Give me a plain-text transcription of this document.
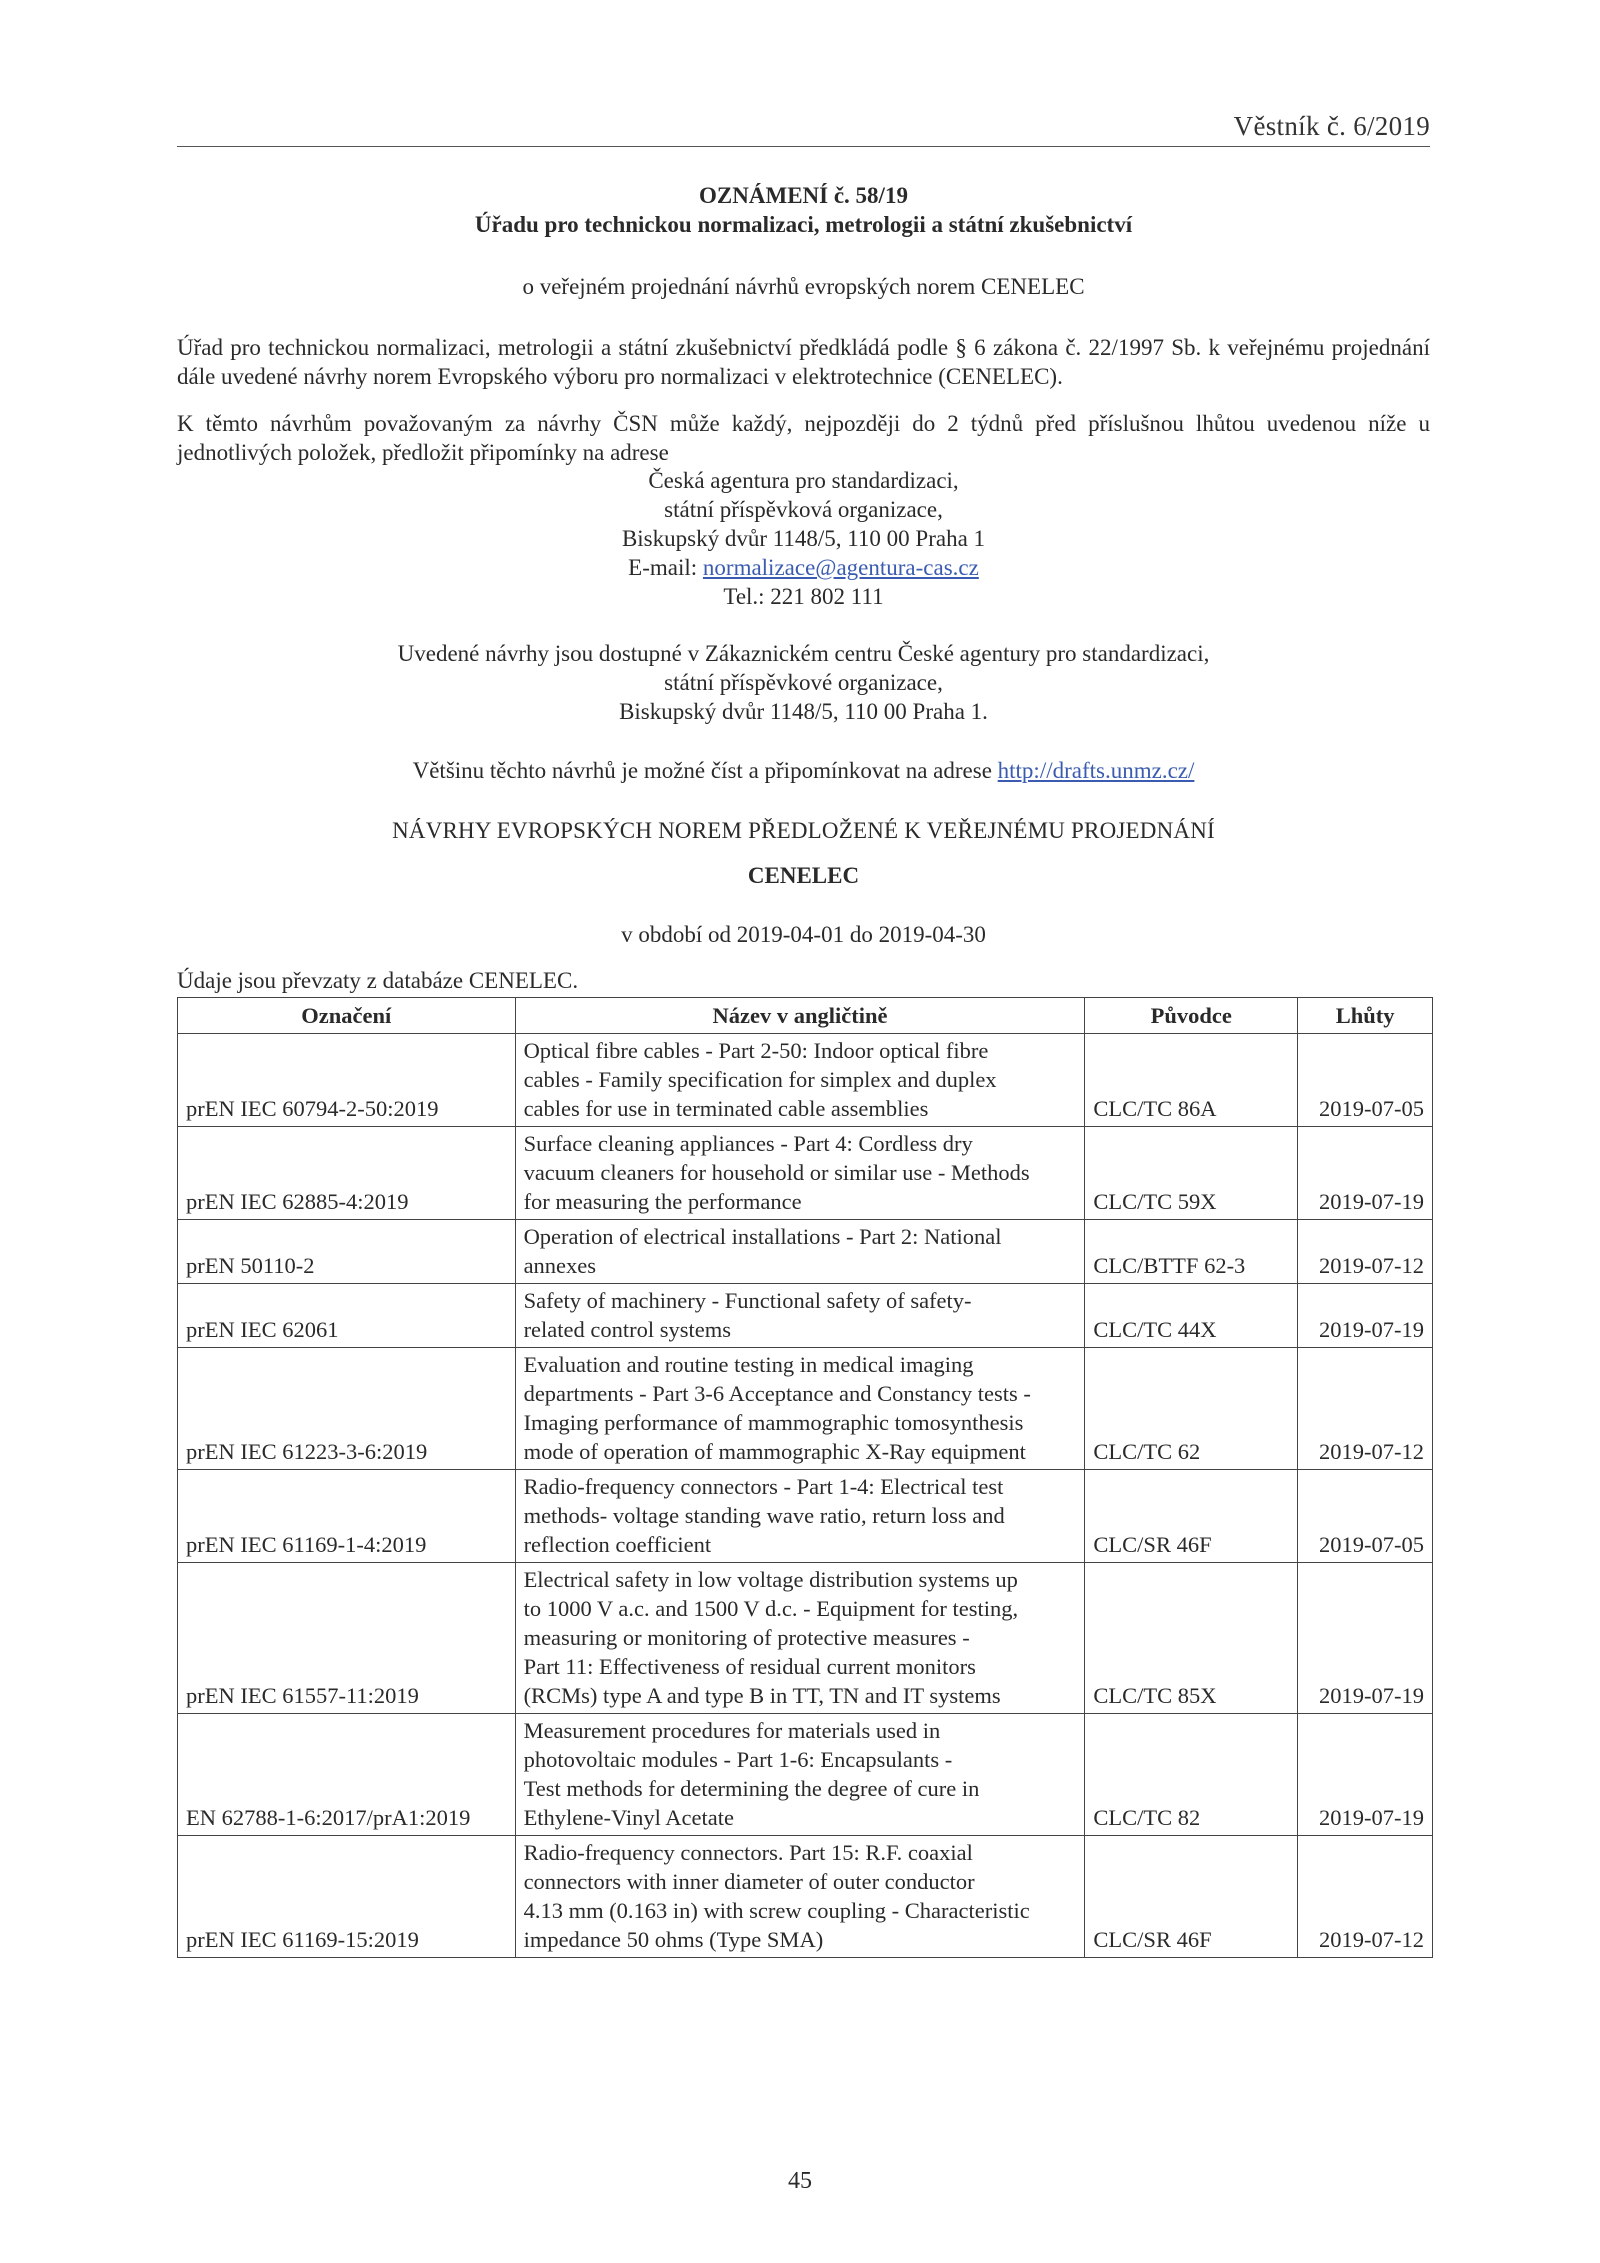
Věstník č. 6/2019
OZNÁMENÍ č. 58/19
Úřadu pro technickou normalizaci, metrologii a státní zkušebnictví
o veřejném projednání návrhů evropských norem CENELEC
Úřad pro technickou normalizaci, metrologii a státní zkušebnictví předkládá podle § 6 zákona č. 22/1997 Sb. k veřejnému projednání dále uvedené návrhy norem Evropského výboru pro normalizaci v elektrotechnice (CENELEC).
K těmto návrhům považovaným za návrhy ČSN může každý, nejpozději do 2 týdnů před příslušnou lhůtou uvedenou níže u jednotlivých položek, předložit připomínky na adrese
Česká agentura pro standardizaci,
státní příspěvková organizace,
Biskupský dvůr 1148/5, 110 00 Praha 1
E-mail: normalizace@agentura-cas.cz
Tel.: 221 802 111
Uvedené návrhy jsou dostupné v Zákaznickém centru České agentury pro standardizaci,
státní příspěvkové organizace,
Biskupský dvůr 1148/5, 110 00 Praha 1.
Většinu těchto návrhů je možné číst a připomínkovat na adrese http://drafts.unmz.cz/
NÁVRHY EVROPSKÝCH NOREM PŘEDLOŽENÉ K VEŘEJNÉMU PROJEDNÁNÍ
CENELEC
v období od 2019-04-01 do 2019-04-30
Údaje jsou převzaty z databáze CENELEC.
Označení	Název v angličtině	Původce	Lhůty
prEN IEC 60794-2-50:2019	Optical fibre cables - Part 2-50: Indoor optical fibre
cables - Family specification for simplex and duplex
cables for use in terminated cable assemblies	CLC/TC 86A	2019-07-05
prEN IEC 62885-4:2019	Surface cleaning appliances - Part 4: Cordless dry
vacuum cleaners for household or similar use - Methods
for measuring the performance	CLC/TC 59X	2019-07-19
prEN 50110-2	Operation of electrical installations - Part 2: National
annexes	CLC/BTTF 62-3	2019-07-12
prEN IEC 62061	Safety of machinery - Functional safety of safety-
related control systems	CLC/TC 44X	2019-07-19
prEN IEC 61223-3-6:2019	Evaluation and routine testing in medical imaging
departments - Part 3-6 Acceptance and Constancy tests -
Imaging performance of mammographic tomosynthesis
mode of operation of mammographic X-Ray equipment	CLC/TC 62	2019-07-12
prEN IEC 61169-1-4:2019	Radio-frequency connectors - Part 1-4: Electrical test
methods- voltage standing wave ratio, return loss and
reflection coefficient	CLC/SR 46F	2019-07-05
prEN IEC 61557-11:2019	Electrical safety in low voltage distribution systems up
to 1000 V a.c. and 1500 V d.c. - Equipment for testing,
measuring or monitoring of protective measures -
Part 11: Effectiveness of residual current monitors
(RCMs) type A and type B in TT, TN and IT systems	CLC/TC 85X	2019-07-19
EN 62788-1-6:2017/prA1:2019	Measurement procedures for materials used in
photovoltaic modules - Part 1-6: Encapsulants -
Test methods for determining the degree of cure in
Ethylene-Vinyl Acetate	CLC/TC 82	2019-07-19
prEN IEC 61169-15:2019	Radio-frequency connectors. Part 15: R.F. coaxial
connectors with inner diameter of outer conductor
4.13 mm (0.163 in) with screw coupling - Characteristic
impedance 50 ohms (Type SMA)	CLC/SR 46F	2019-07-12
45
